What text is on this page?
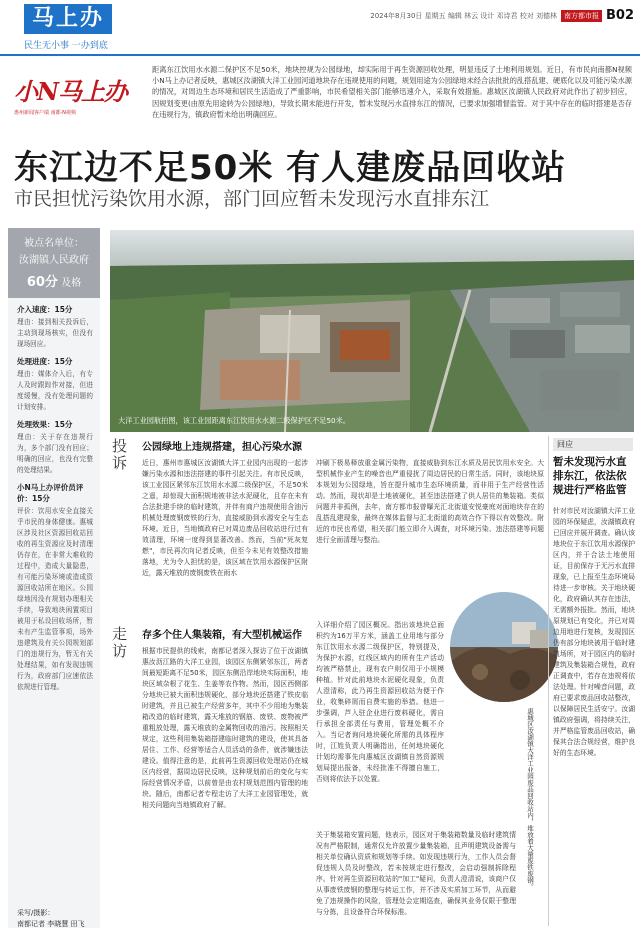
马上办
民生无小事 一办到底
2024年8月30日 星期五 编辑 林云 设计 邓诗君 校对 刘德林	南方都市报 B02
小N马上办
惠州新闻客户端 南都·N视频
距离东江饮用水水源二保护区不足50米，地块控规为公园绿地，却实际用于再生资源回收处理，明显违反了土地利用规划。近日，有市民向南都N视频小N马上办记者反映，惠城区汝湖镇大洋工业园河道地块存在违规使用的问题，规划用途为公园绿地未经合法批批的乱搭乱建、硬底化以及可能污染水源的情况，对周边生态环境和居民生活造成了严重影响，市民希望相关部门能够迅速介入，采取有效措施。惠城区汝湖镇人民政府对此作出了初步回应，因规划变更(由原先用途转为公园绿地)，导致长期未能进行开发，暂未发现污水直排东江的情况，已要求加强增督监管。对于其中存在的临时搭建是否存在违规行为，镇政府暂未给出明确回应。
东江边不足50米 有人建废品回收站
市民担忧污染饮用水源，部门回应暂未发现污水直排东江
被点名单位：
汝湖镇人民政府
60分 及格
介入速度：15分
理由：接到相关投诉后，主动到现场核实，但没有现场回应。
处理进度：15分
理由：媒体介入后，有专人及时跟踪作对接，但进度缓慢，没有处理问题的计划安排。
处理效果：15分
理由：关于存在违规行为，多个部门没有回应；明确的回应，也没有完整的处理结果。
小N马上办评价员评价：15分
评价：饮用水安全直接关乎市民的身体健康。惠城区涉及社区资源回收站回收的再生资源应及时清理仍存在，在非常大难收的过程中，造成大量隐患，有可能污染环境或造成资源回收站所在地区。公园绿地因没有规划办理相关手续，导致地块闲置项目被用于私设回收场所，暂未有产生监管事项，场外违建筑及有关公园规划部门的违规行为，暂无有关处理结果，如有发现违规行为，政府部门应速依法依规进行管理。
采写/摄影：
南都记者 李晓慧 田飞
大洋工业园航拍图，该工业园距离东江饮用水水源二级保护区不足50米。
投诉
公园绿地上违规搭建，担心污染水源
近日，惠州市惠城区汝湖镇大洋工业园内出现的一起涉嫌污染水源和违法搭建的事件引起关注。有市民反映，该工业园区紧邻东江饮用水水源二级保护区，不足50米之遥，却惊现大面积规地被非法水泥硬化，且存在未有合法批建手续的临时建筑，并伴有商户违规使用含油污机械处理废钢废铁的行为，直接威胁到水源安全与生态环境。近日，当地镇政府已对周边废品回收站进行过有效清理，环境一度得到显著改善。然而，当前"死灰复燃"，市民再次向记者反映，但至今未见有效整改措施落地，尤为令人担忧的是，该区域在饮用水源保护区附近，露天堆放的废钢废铁在雨水
冲刷下极易释放重金属污染物，直接威胁到东江水质及居民饮用水安全。大型机械作业产生的噪音也严重侵扰了周边居民的日常生活。同时，该地块原本规划为公园绿地，旨在提升城市生态环境质量，而非用于生产经营性活动。然而，现状却是土地被硬化，甚至违法搭建了供人居住的集装箱。类似问题并非孤例，去年，南方都市报曾曝光汇北街道安悦豪庭对面地块存在的乱搭乱建现象，最终在媒体监督与汇北街道的高效合作下得以有效整改。附近的市民也希望，相关部门能立即介入调查，对环境污染、违法搭建等问题进行全面清理与整治。
走访
存多个住人集装箱，有大型机械运作
根据市民提供的线索，南都记者深入探访了位于汝湖镇惠汝沥江路的大洋工业园，该园区东侧紧邻东江，两者间最短距离不足50米，园区东侧沿岸地块实际面积，地块区域杂根了花生、生姜等农作物。然而，园区西侧部分地块已被大面积违规硬化，部分地块还搭建了铁皮临时建筑，并且已被生产经营多年，其中不少用地为集装箱改造的临时建筑，露天堆放的钢筋、废铁、废物被严重粗放处理，露天堆放的金属物回收的油污。按照相关规定，这些利用集装箱搭建临时建筑的建设，使其具备居住、工作、经营等适合人员活动的条件，就涉嫌违法建设。值得注意的是，此前再生资源回收处理站仍在城区内经营，据周边居民反映，这种规划前后的变化与实际经营情况矛盾，以前曾是由农村规划范围内管理的地块。随后，南都记者专程走访了大洋工业园管理处，就相关问题向当地镇政府了解。
入详细介绍了园区概况。指出该地块总面积约为16万平方米，涵盖工业用地与部分东江饮用水水源二级保护区，特别提及，为保护水源，红线区域内的所有生产活动均被严格禁止，现有农户则仅用于小规模种植。针对此前地块水泥硬化现象，负责人澄清称，此乃再生资源回收站为便于作业，收集碎屑而自费实施的举措。他进一步强调，芦入驻企业进行废料硬化，需自行承担全部责任与费用，管理处概不介入。当记者询问地块硬化所需的具体程序时，江姓负责人明确指出，任何地块硬化计划均需事先向惠城区汝湖镇自然资源规划局提出报备，未经批准不得擅自施工，否则将依法予以处置。
关于集装箱安置问题，他表示，园区对于集装箱数量及临时建筑情况有严格限制，通常仅允许放置少量集装箱，且声明建筑设备需与相关单位确认资质和规划等手续。如发现违规行为，工作人员会督促违规人员及时整改，若未按规定进行整改，会启动强制拆除程序。针对再生资源回收站的"加工"疑问，负责人澄清说，该商户仅从事废铁废钢的整理与转运工作，并不涉及实质加工环节，从而避免了违规操作的风险，管理处会定期巡查，确保其业务仅限于整理与分拣，且设备符合环保标准。
惠城区汝湖镇大洋工业园废品回收站内，堆放着大量废铁废钢。
回应
暂未发现污水直排东江，依法依规进行严格监管
针对市民对汝湖镇大洋工业园的环保疑虑，汝湖镇政府已回应并展开调查。确认该地块位于东江饮用水源保护区内，并于合法土地使用证，目前保存于无污水直排现象，已上报至生态环境局待进一步审核。关于地块硬化，政府确认其存在违法，无需额外报批。然而，地块原规划已有变化，并已对周边用地进行复核，发现园区仍有部分地块被用于临时建筑场所，对于园区内的临时建筑及集装箱合规性，政府正调查中，若存在违规将依法处理。针对噪音问题，政府已要求废品回收站整改，以保障居民生活安宁。汝湖镇政府强调，将持续关注，并严格监管废品回收站，确保其合法合规经营，维护良好的生态环境。
